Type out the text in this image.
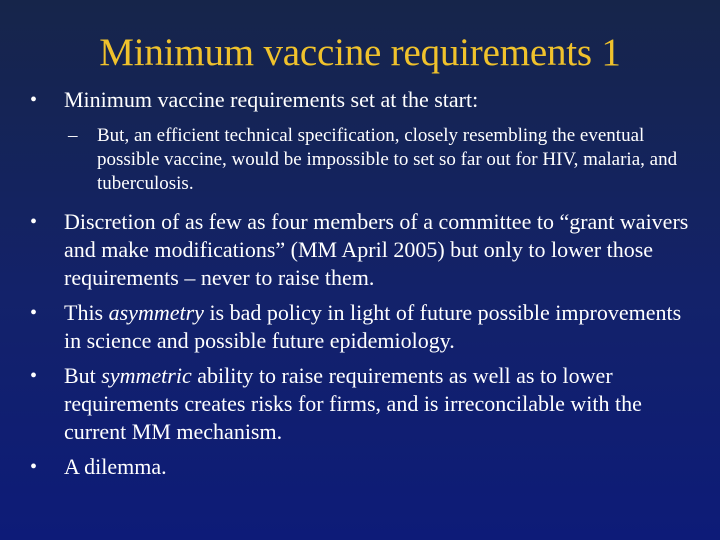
Minimum vaccine requirements 1
• Minimum vaccine requirements set at the start:
– But, an efficient technical specification, closely resembling the eventual possible vaccine, would be impossible to set so far out for HIV, malaria, and tuberculosis.
• Discretion of as few as four members of a committee to “grant waivers and make modifications” (MM April 2005) but only to lower those requirements – never to raise them.
• This asymmetry is bad policy in light of future possible improvements in science and possible future epidemiology.
• But symmetric ability to raise requirements as well as to lower requirements creates risks for firms, and is irreconcilable with the current MM mechanism.
• A dilemma.
